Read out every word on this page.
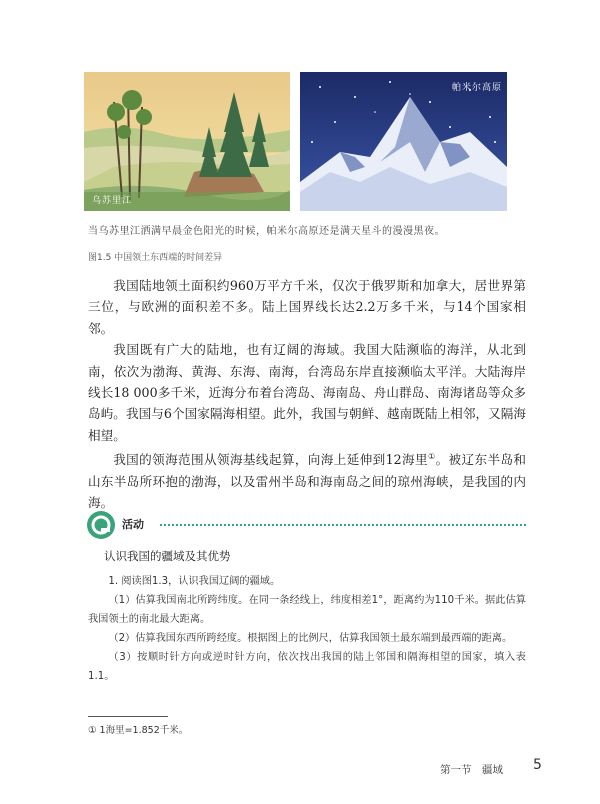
乌苏里江
帕米尔高原
当乌苏里江洒满早晨金色阳光的时候，帕米尔高原还是满天星斗的漫漫黑夜。
图1.5 中国领土东西端的时间差异

我国陆地领土面积约960万平方千米，仅次于俄罗斯和加拿大，居世界第三位，与欧洲的面积差不多。陆上国界线长达2.2万多千米，与14个国家相邻。

我国既有广大的陆地，也有辽阔的海域。我国大陆濒临的海洋，从北到南，依次为渤海、黄海、东海、南海，台湾岛东岸直接濒临太平洋。大陆海岸线长18 000多千米，近海分布着台湾岛、海南岛、舟山群岛、南海诸岛等众多岛屿。我国与6个国家隔海相望。此外，我国与朝鲜、越南既陆上相邻，又隔海相望。

我国的领海范围从领海基线起算，向海上延伸到12海里①。被辽东半岛和山东半岛所环抱的渤海，以及雷州半岛和海南岛之间的琼州海峡，是我国的内海。

活动
认识我国的疆域及其优势

1. 阅读图1.3，认识我国辽阔的疆域。

（1）估算我国南北所跨纬度。在同一条经线上，纬度相差1°，距离约为110千米。据此估算我国领土的南北最大距离。

（2）估算我国东西所跨经度。根据图上的比例尺，估算我国领土最东端到最西端的距离。

（3）按顺时针方向或逆时针方向，依次找出我国的陆上邻国和隔海相望的国家，填入表1.1。

① 1海里=1.852千米。
第一节　疆域 5
